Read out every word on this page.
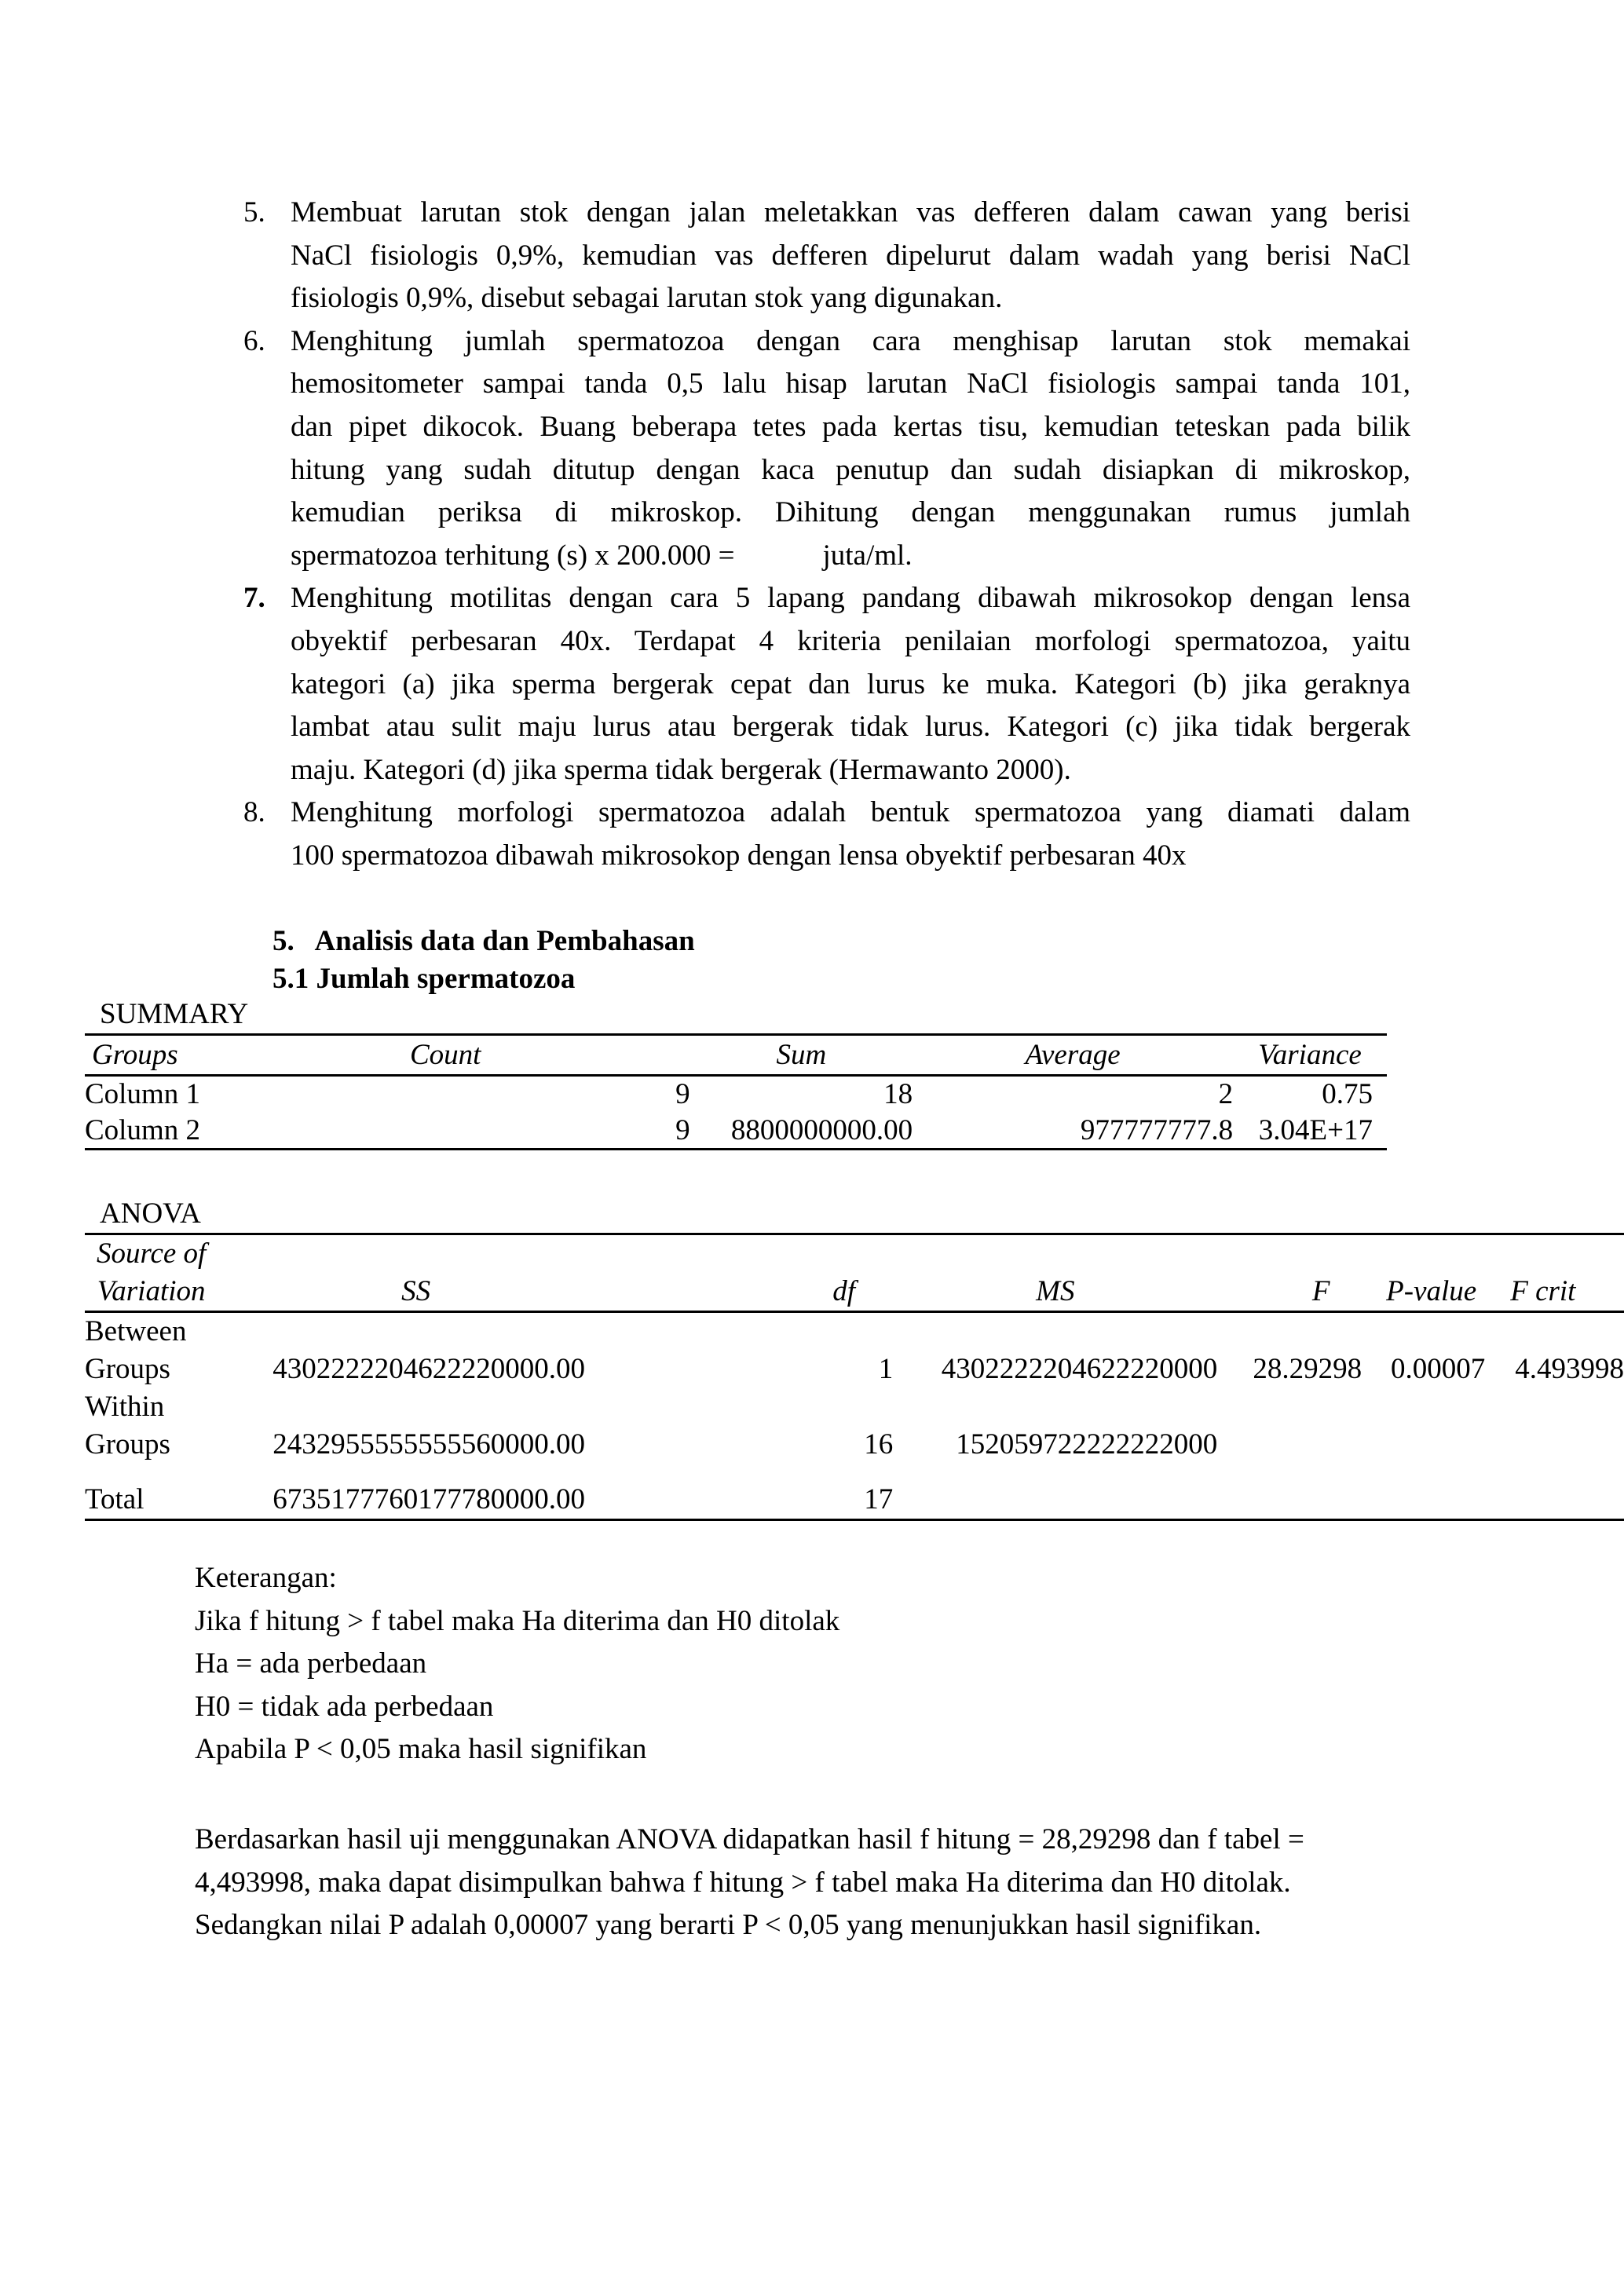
5. Membuat larutan stok dengan jalan meletakkan vas defferen dalam cawan yang berisi
NaCl fisiologis 0,9%, kemudian vas defferen dipelurut dalam wadah yang berisi NaCl
fisiologis 0,9%, disebut sebagai larutan stok yang digunakan.
6. Menghitung jumlah spermatozoa dengan cara menghisap larutan stok memakai
hemositometer sampai tanda 0,5 lalu hisap larutan NaCl fisiologis sampai tanda 101,
dan pipet dikocok. Buang beberapa tetes pada kertas tisu, kemudian teteskan pada bilik
hitung yang sudah ditutup dengan kaca penutup dan sudah disiapkan di mikroskop,
kemudian periksa di mikroskop. Dihitung dengan menggunakan rumus jumlah
spermatozoa terhitung (s) x 200.000 =	juta/ml.
7. Menghitung motilitas dengan cara 5 lapang pandang dibawah mikrosokop dengan lensa
obyektif perbesaran 40x. Terdapat 4 kriteria penilaian morfologi spermatozoa, yaitu
kategori (a) jika sperma bergerak cepat dan lurus ke muka. Kategori (b) jika geraknya
lambat atau sulit maju lurus atau bergerak tidak lurus. Kategori (c) jika tidak bergerak
maju. Kategori (d) jika sperma tidak bergerak (Hermawanto 2000).
8. Menghitung morfologi spermatozoa adalah bentuk spermatozoa yang diamati dalam
100 spermatozoa dibawah mikrosokop dengan lensa obyektif perbesaran 40x
5.   Analisis data dan Pembahasan
5.1 Jumlah spermatozoa
SUMMARY
Groups	Count	Sum	Average	Variance
Column 1	9	18	2	0.75
Column 2	9	8800000000.00	977777777.8	3.04E+17
ANOVA
Source of
Variation	SS	df	MS	F	P-value	F crit

Between
Groups	4302222204622220000.00	1	4302222204622220000	28.29298	0.00007	4.493998

Within
Groups	2432955555555560000.00	16	152059722222222000			
Total	6735177760177780000.00	17				

Keterangan:

Jika f hitung > f tabel maka Ha diterima dan H0 ditolak

Ha = ada perbedaan

H0 = tidak ada perbedaan

Apabila P < 0,05 maka hasil signifikan

Berdasarkan hasil uji menggunakan ANOVA didapatkan hasil f hitung = 28,29298 dan f tabel = 4,493998, maka dapat disimpulkan bahwa f hitung > f tabel maka Ha diterima dan H0 ditolak. Sedangkan nilai P adalah 0,00007 yang berarti P < 0,05 yang menunjukkan hasil signifikan.
